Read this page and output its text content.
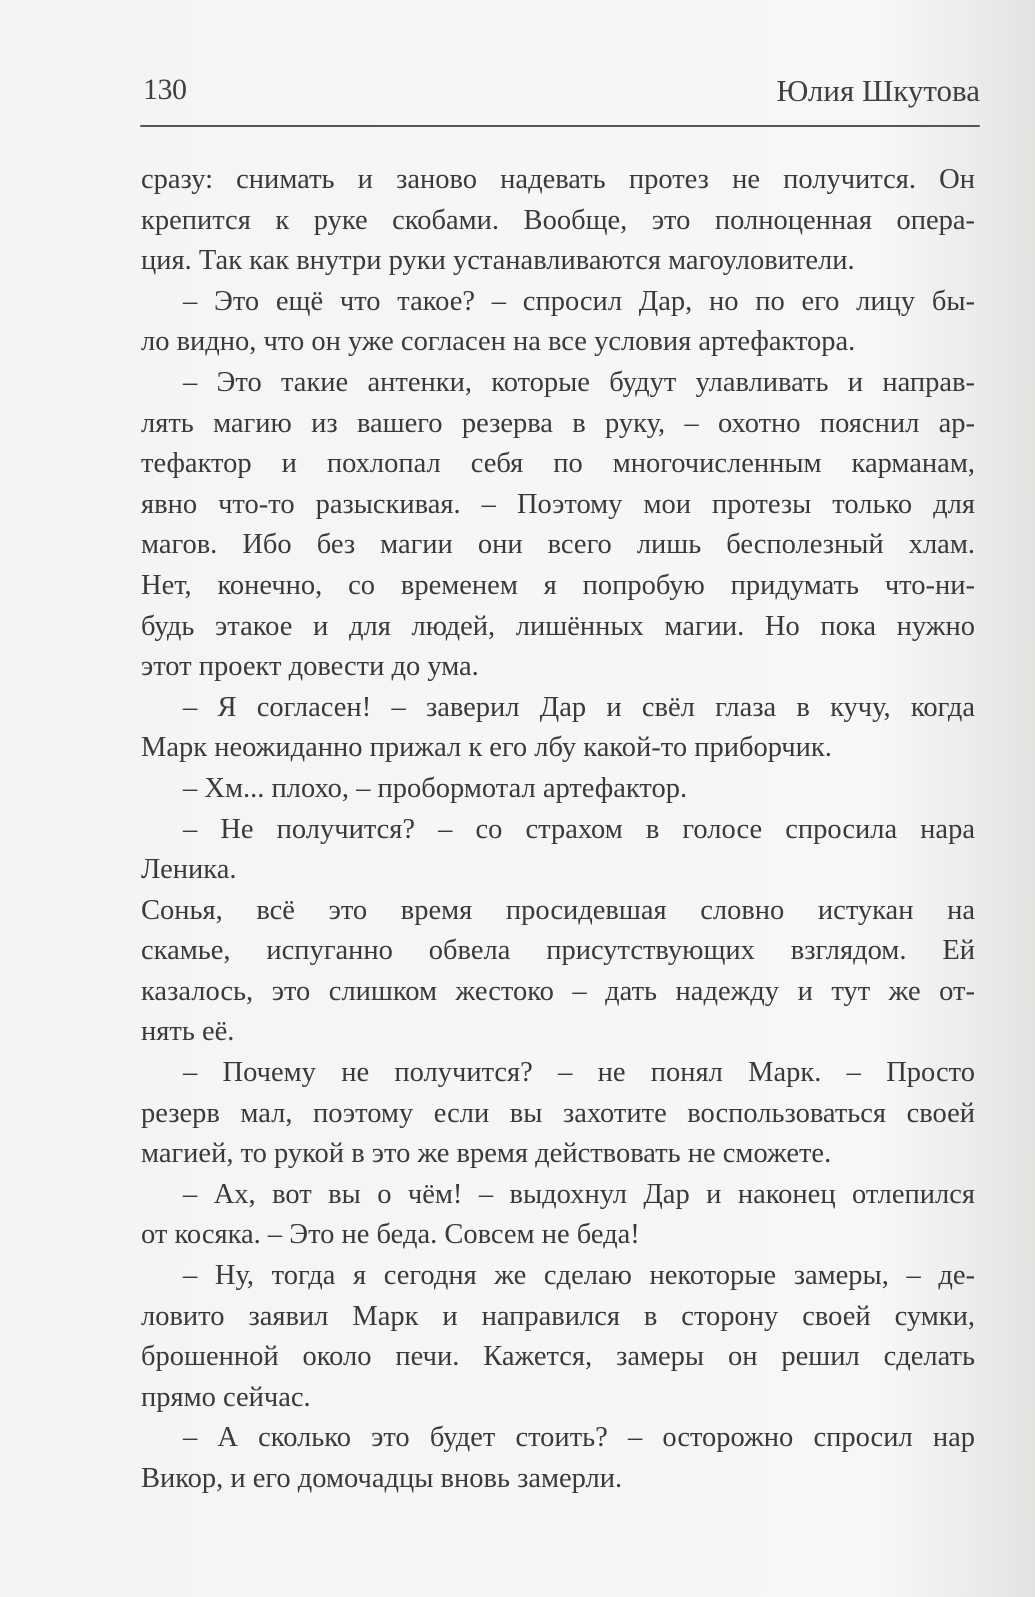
130	Юлия Шкутова
сразу: снимать и заново надевать протез не получится. Он
крепится к руке скобами. Вообще, это полноценная опера-
ция. Так как внутри руки устанавливаются магоуловители.
– Это ещё что такое? – спросил Дар, но по его лицу бы-
ло видно, что он уже согласен на все условия артефактора.
– Это такие антенки, которые будут улавливать и направ-
лять магию из вашего резерва в руку, – охотно пояснил ар-
тефактор и похлопал себя по многочисленным карманам,
явно что-то разыскивая. – Поэтому мои протезы только для
магов. Ибо без магии они всего лишь бесполезный хлам.
Нет, конечно, со временем я попробую придумать что-ни-
будь этакое и для людей, лишённых магии. Но пока нужно
этот проект довести до ума.
– Я согласен! – заверил Дар и свёл глаза в кучу, когда
Марк неожиданно прижал к его лбу какой-то приборчик.
– Хм... плохо, – пробормотал артефактор.
– Не получится? – со страхом в голосе спросила нара
Леника.
Сонья, всё это время просидевшая словно истукан на
скамье, испуганно обвела присутствующих взглядом. Ей
казалось, это слишком жестоко – дать надежду и тут же от-
нять её.
– Почему не получится? – не понял Марк. – Просто
резерв мал, поэтому если вы захотите воспользоваться своей
магией, то рукой в это же время действовать не сможете.
– Ах, вот вы о чём! – выдохнул Дар и наконец отлепился
от косяка. – Это не беда. Совсем не беда!
– Ну, тогда я сегодня же сделаю некоторые замеры, – де-
ловито заявил Марк и направился в сторону своей сумки,
брошенной около печи. Кажется, замеры он решил сделать
прямо сейчас.
– А сколько это будет стоить? – осторожно спросил нар
Викор, и его домочадцы вновь замерли.
